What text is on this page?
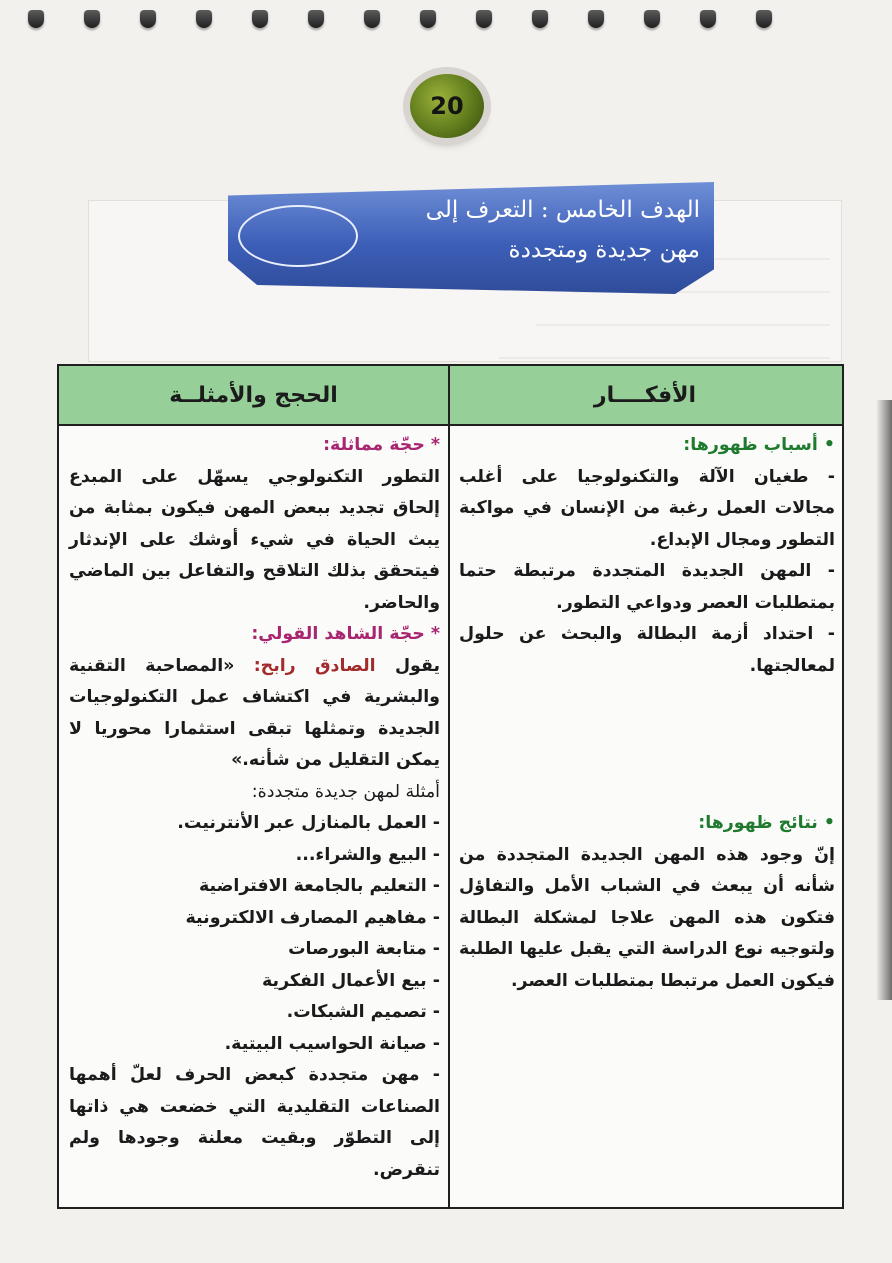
20
الهدف الخامس : التعرف إلى
مهن جديدة ومتجددة
الأفكــــار
الحجج والأمثلــة

• أسباب ظهورها:

- طغيان الآلة والتكنولوجيا على أغلب مجالات العمل رغبة من الإنسان في مواكبة التطور ومجال الإبداع.

- المهن الجديدة المتجددة مرتبطة حتما بمتطلبات العصر ودواعي التطور.

- احتداد أزمة البطالة والبحث عن حلول لمعالجتها.

• نتائج ظهورها:

إنّ وجود هذه المهن الجديدة المتجددة من شأنه أن يبعث في الشباب الأمل والتفاؤل فتكون هذه المهن علاجا لمشكلة البطالة ولتوجيه نوع الدراسة التي يقبل عليها الطلبة فيكون العمل مرتبطا بمتطلبات العصر.

* حجّة مماثلة:

التطور التكنولوجي يسهّل على المبدع إلحاق تجديد ببعض المهن فيكون بمثابة من يبث الحياة في شيء أوشك على الإندثار فيتحقق بذلك التلاقح والتفاعل بين الماضي والحاضر.

* حجّة الشاهد القولي:

يقول الصادق رابح: «المصاحبة التقنية والبشرية في اكتشاف عمل التكنولوجيات الجديدة وتمثلها تبقى استثمارا محوريا لا يمكن التقليل من شأنه.»

أمثلة لمهن جديدة متجددة:

- العمل بالمنازل عبر الأنترنيت.
- البيع والشراء...
- التعليم بالجامعة الافتراضية
- مفاهيم المصارف الالكترونية
- متابعة البورصات
- بيع الأعمال الفكرية
- تصميم الشبكات.
- صيانة الحواسيب البيتية.
- مهن متجددة كبعض الحرف لعلّ أهمها الصناعات التقليدية التي خضعت هي ذاتها إلى التطوّر وبقيت معلنة وجودها ولم تنقرض.
